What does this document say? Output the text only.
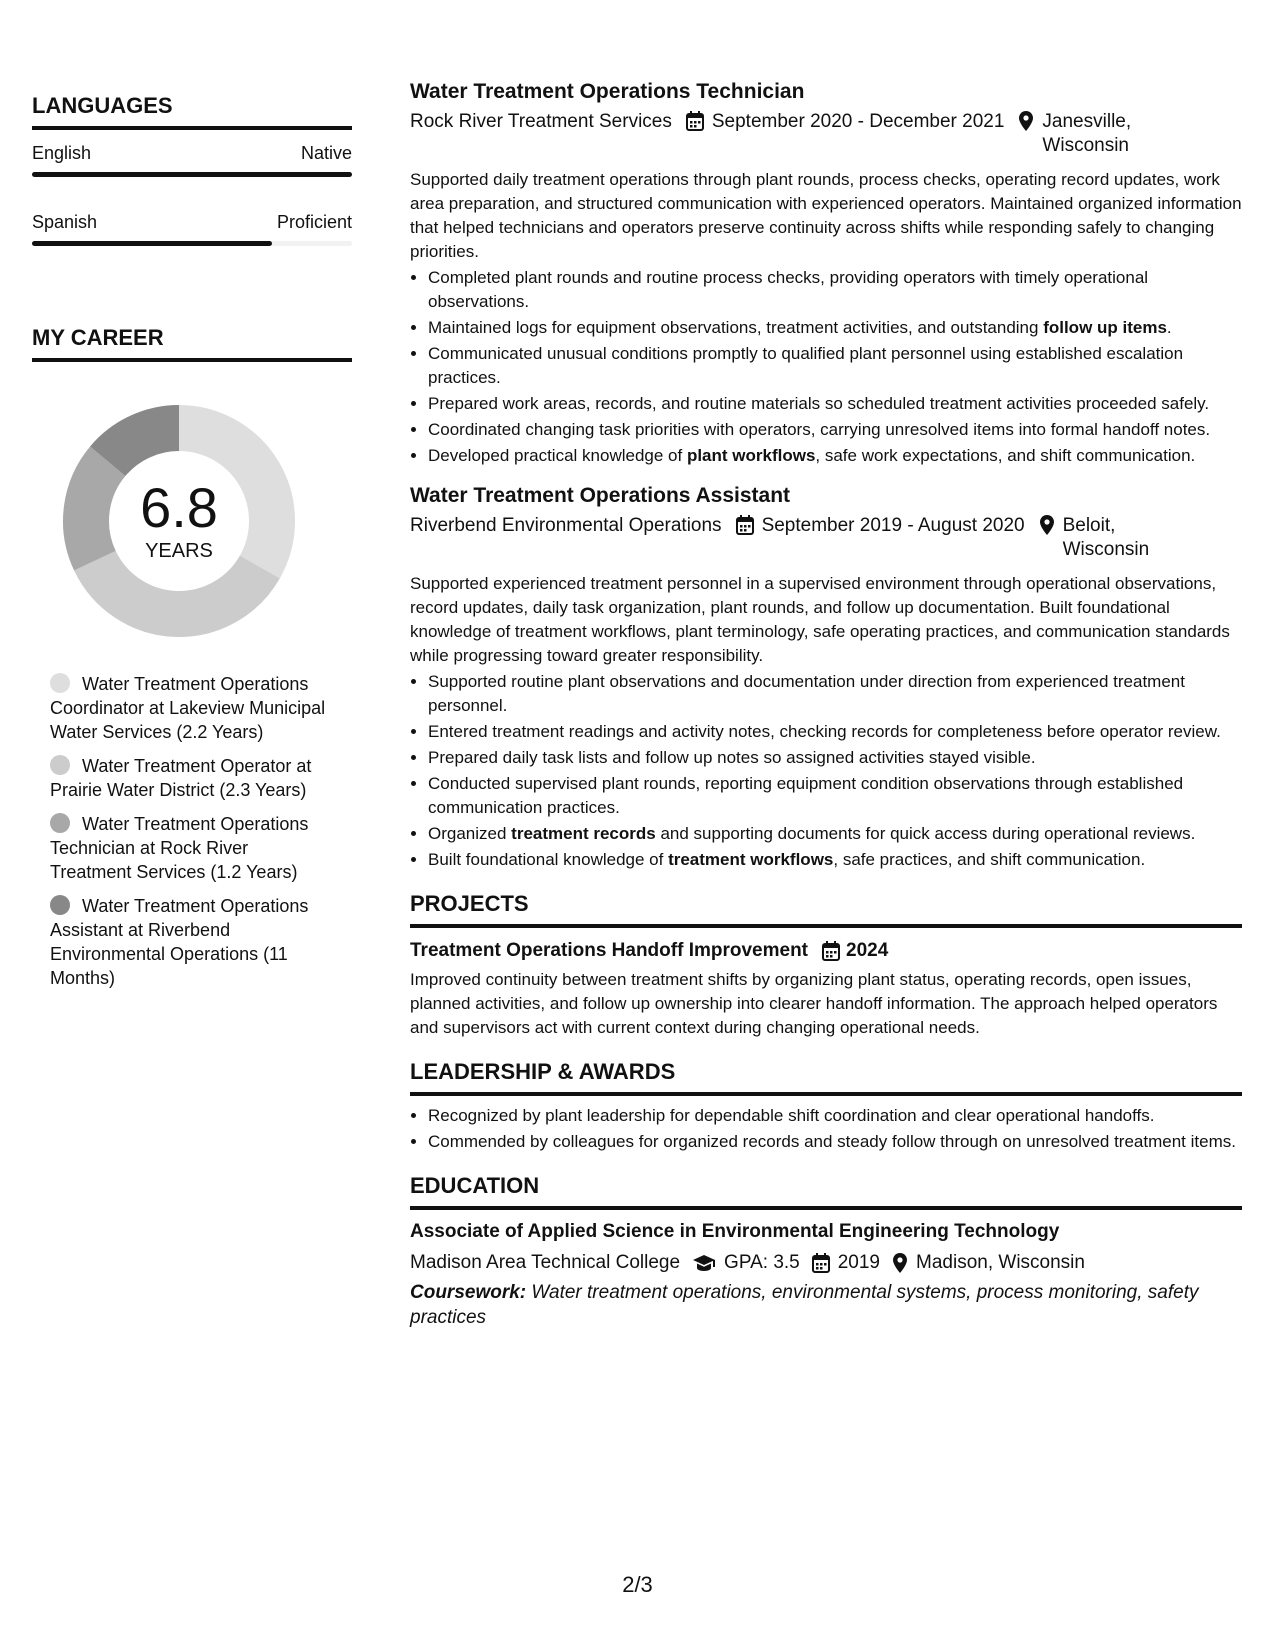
LANGUAGES
English	Native
Spanish	Proficient
MY CAREER
6.8
YEARS
Water Treatment Operations Coordinator at Lakeview Municipal Water Services (2.2 Years)
Water Treatment Operator at Prairie Water District (2.3 Years)
Water Treatment Operations Technician at Rock River Treatment Services (1.2 Years)
Water Treatment Operations Assistant at Riverbend Environmental Operations (11 Months)
Water Treatment Operations Technician
Rock River Treatment Services September 2020 - December 2021 Janesville, Wisconsin
Supported daily treatment operations through plant rounds, process checks, operating record updates, work area preparation, and structured communication with experienced operators. Maintained organized information that helped technicians and operators preserve continuity across shifts while responding safely to changing priorities.
• Completed plant rounds and routine process checks, providing operators with timely operational observations.
• Maintained logs for equipment observations, treatment activities, and outstanding follow up items.
• Communicated unusual conditions promptly to qualified plant personnel using established escalation practices.
• Prepared work areas, records, and routine materials so scheduled treatment activities proceeded safely.
• Coordinated changing task priorities with operators, carrying unresolved items into formal handoff notes.
• Developed practical knowledge of plant workflows, safe work expectations, and shift communication.
Water Treatment Operations Assistant
Riverbend Environmental Operations September 2019 - August 2020 Beloit, Wisconsin
Supported experienced treatment personnel in a supervised environment through operational observations, record updates, daily task organization, plant rounds, and follow up documentation. Built foundational knowledge of treatment workflows, plant terminology, safe operating practices, and communication standards while progressing toward greater responsibility.
• Supported routine plant observations and documentation under direction from experienced treatment personnel.
• Entered treatment readings and activity notes, checking records for completeness before operator review.
• Prepared daily task lists and follow up notes so assigned activities stayed visible.
• Conducted supervised plant rounds, reporting equipment condition observations through established communication practices.
• Organized treatment records and supporting documents for quick access during operational reviews.
• Built foundational knowledge of treatment workflows, safe practices, and shift communication.
PROJECTS
Treatment Operations Handoff Improvement 2024
Improved continuity between treatment shifts by organizing plant status, operating records, open issues, planned activities, and follow up ownership into clearer handoff information. The approach helped operators and supervisors act with current context during changing operational needs.
LEADERSHIP & AWARDS
• Recognized by plant leadership for dependable shift coordination and clear operational handoffs.
• Commended by colleagues for organized records and steady follow through on unresolved treatment items.
EDUCATION
Associate of Applied Science in Environmental Engineering Technology
Madison Area Technical College GPA: 3.5 2019 Madison, Wisconsin
Coursework: Water treatment operations, environmental systems, process monitoring, safety practices
2/3
